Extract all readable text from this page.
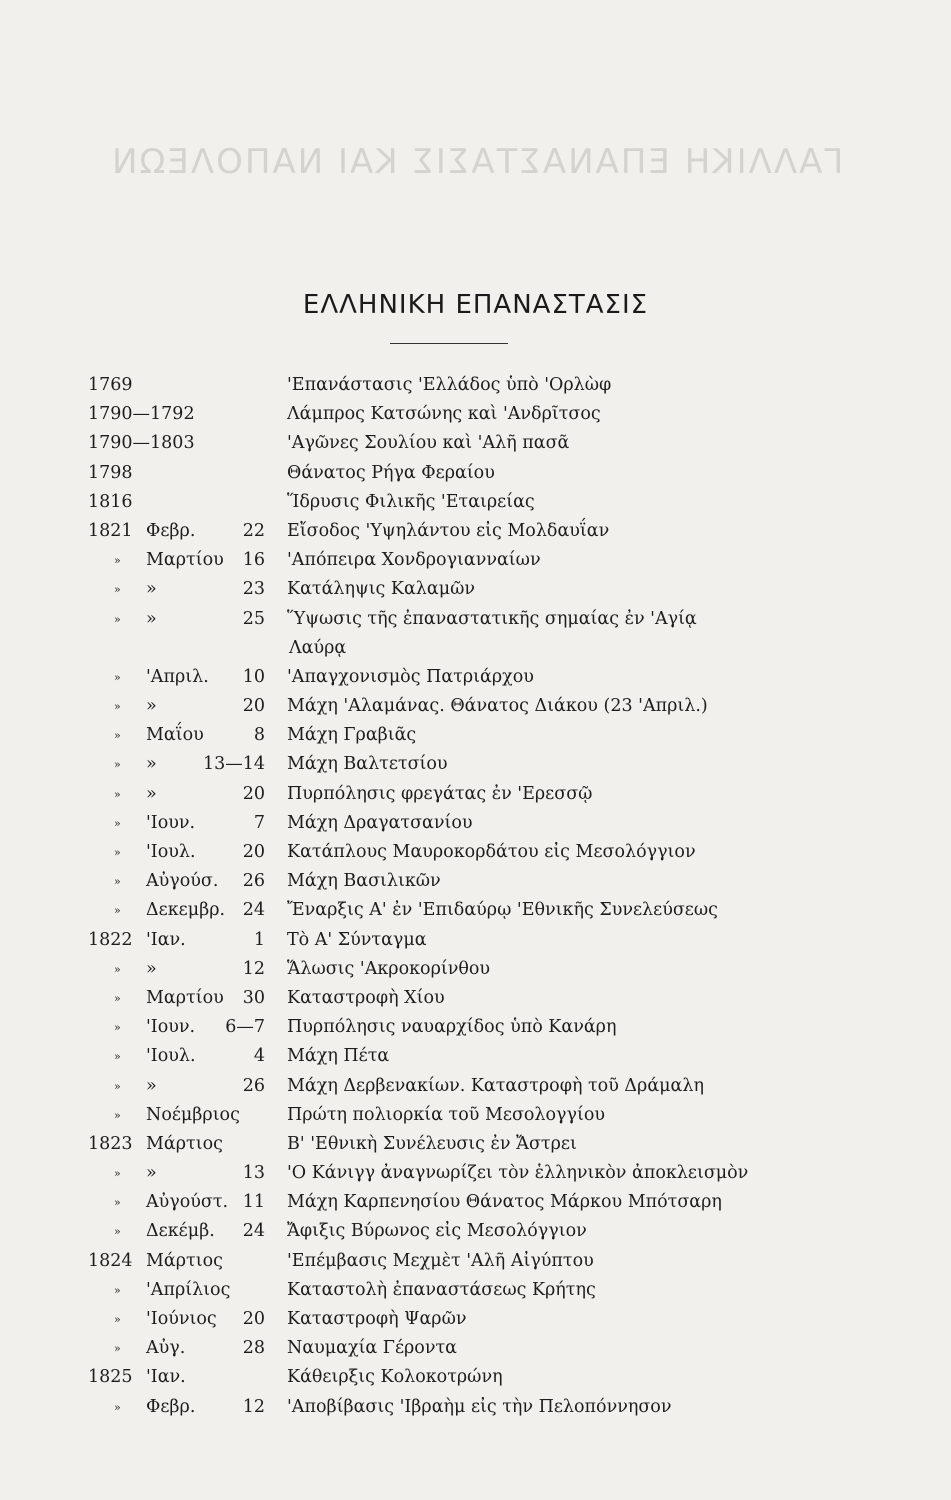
ΓΑΛΛΙΚΗ ΕΠΑΝΑΣΤΑΣΙΣ ΚΑΙ ΝΑΠΟΛΕΩΝ
ΕΛΛΗΝΙΚΗ ΕΠΑΝΑΣΤΑΣΙΣ
1769	'Επανάστασις 'Ελλάδος ὑπὸ 'Ορλὼφ
1790—1792	Λάμπρος Κατσώνης καὶ 'Ανδρῖτσος
1790—1803	'Αγῶνες Σουλίου καὶ 'Αλῆ πασᾶ
1798	Θάνατος Ρήγα Φεραίου
1816	Ἵδρυσις Φιλικῆς 'Εταιρείας
1821 Φεβρ.	22 Εἴσοδος 'Υψηλάντου εἰς Μολδαυΐαν
» Μαρτίου 16 'Απόπειρα Χονδρογιανναίων
» »	23 Κατάληψις Καλαμῶν
» »	25 Ὕψωσις τῆς ἐπαναστατικῆς σημαίας ἐν 'Αγίᾳ
Λαύρᾳ
» 'Απριλ. 10 'Απαγχονισμὸς Πατριάρχου
» »	20 Μάχη 'Αλαμάνας. Θάνατος Διάκου (23 'Απριλ.)
» Μαΐου	8 Μάχη Γραβιᾶς
» »	13—14 Μάχη Βαλτετσίου
» »	20 Πυρπόλησις φρεγάτας ἐν 'Ερεσσῷ
» 'Ιουν.	7 Μάχη Δραγατσανίου
» 'Ιουλ.	20 Κατάπλους Μαυροκορδάτου εἰς Μεσολόγγιον
» Αὐγούσ. 26 Μάχη Βασιλικῶν
» Δεκεμβρ. 24 Ἔναρξις Α' ἐν 'Επιδαύρῳ 'Εθνικῆς Συνελεύσεως
1822 'Ιαν.	1 Τὸ Α' Σύνταγμα
» »	12 Ἅλωσις 'Ακροκορίνθου
» Μαρτίου 30 Καταστροφὴ Χίου
» 'Ιουν. 6—7 Πυρπόλησις ναυαρχίδος ὑπὸ Κανάρη
» 'Ιουλ.	4 Μάχη Πέτα
» »	26 Μάχη Δερβενακίων. Καταστροφὴ τοῦ Δράμαλη
» Νοέμβριος	Πρώτη πολιορκία τοῦ Μεσολογγίου
1823 Μάρτιος	Β' 'Εθνικὴ Συνέλευσις ἐν Ἄστρει
» »	13 'Ο Κάνιγγ ἀναγνωρίζει τὸν ἑλληνικὸν ἀποκλεισμὸν
» Αὐγούστ. 11 Μάχη Καρπενησίου Θάνατος Μάρκου Μπότσαρη
» Δεκέμβ. 24 Ἄφιξις Βύρωνος εἰς Μεσολόγγιον
1824 Μάρτιος	'Επέμβασις Μεχμὲτ 'Αλῆ Αἰγύπτου
» 'Απρίλιος	Καταστολὴ ἐπαναστάσεως Κρήτης
» 'Ιούνιος 20 Καταστροφὴ Ψαρῶν
» Αὐγ.	28 Ναυμαχία Γέροντα
1825 'Ιαν.	Κάθειρξις Κολοκοτρώνη
» Φεβρ.	12 'Αποβίβασις 'Ιβραὴμ εἰς τὴν Πελοπόννησον
